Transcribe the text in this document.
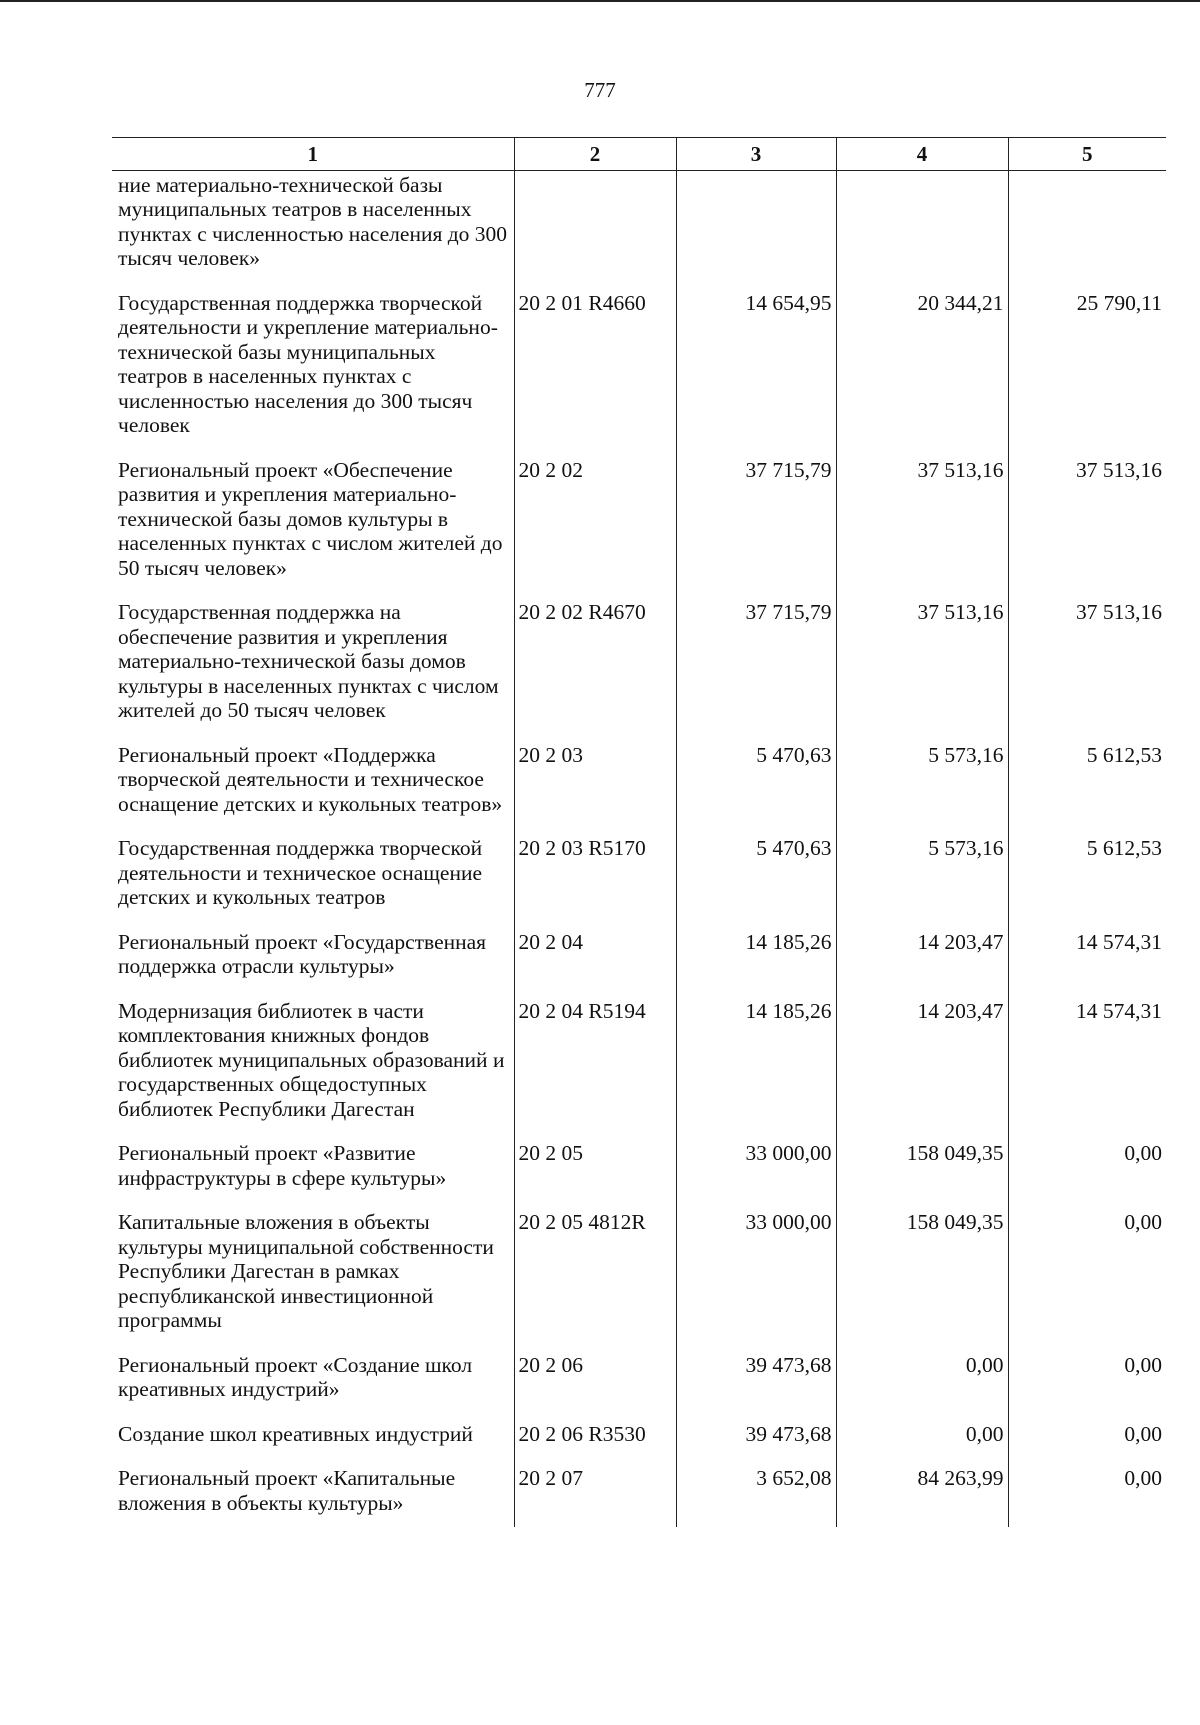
777
1	2	3	4	5
ние материально-технической базы муниципальных театров в населенных пунктах с численностью населения до 300 тысяч человек»				
Государственная поддержка творческой деятельности и укрепление материально-технической базы муниципальных театров в населенных пунктах с численностью населения до 300 тысяч человек	20 2 01 R4660	14 654,95	20 344,21	25 790,11
Региональный проект «Обеспечение развития и укрепления материально-технической базы домов культуры в населенных пунктах с числом жителей до 50 тысяч человек»	20 2 02	37 715,79	37 513,16	37 513,16
Государственная поддержка на обеспечение развития и укрепления материально-технической базы домов культуры в населенных пунктах с числом жителей до 50 тысяч человек	20 2 02 R4670	37 715,79	37 513,16	37 513,16
Региональный проект «Поддержка творческой деятельности и техническое оснащение детских и кукольных театров»	20 2 03	5 470,63	5 573,16	5 612,53
Государственная поддержка творческой деятельности и техническое оснащение детских и кукольных театров	20 2 03 R5170	5 470,63	5 573,16	5 612,53
Региональный проект «Государственная поддержка отрасли культуры»	20 2 04	14 185,26	14 203,47	14 574,31
Модернизация библиотек в части комплектования книжных фондов библиотек муниципальных образований и государственных общедоступных библиотек Республики Дагестан	20 2 04 R5194	14 185,26	14 203,47	14 574,31
Региональный проект «Развитие инфраструктуры в сфере культуры»	20 2 05	33 000,00	158 049,35	0,00
Капитальные вложения в объекты культуры муниципальной собственности Республики Дагестан в рамках республиканской инвестиционной программы	20 2 05 4812R	33 000,00	158 049,35	0,00
Региональный проект «Создание школ креативных индустрий»	20 2 06	39 473,68	0,00	0,00
Создание школ креативных индустрий	20 2 06 R3530	39 473,68	0,00	0,00
Региональный проект «Капитальные вложения в объекты культуры»	20 2 07	3 652,08	84 263,99	0,00
